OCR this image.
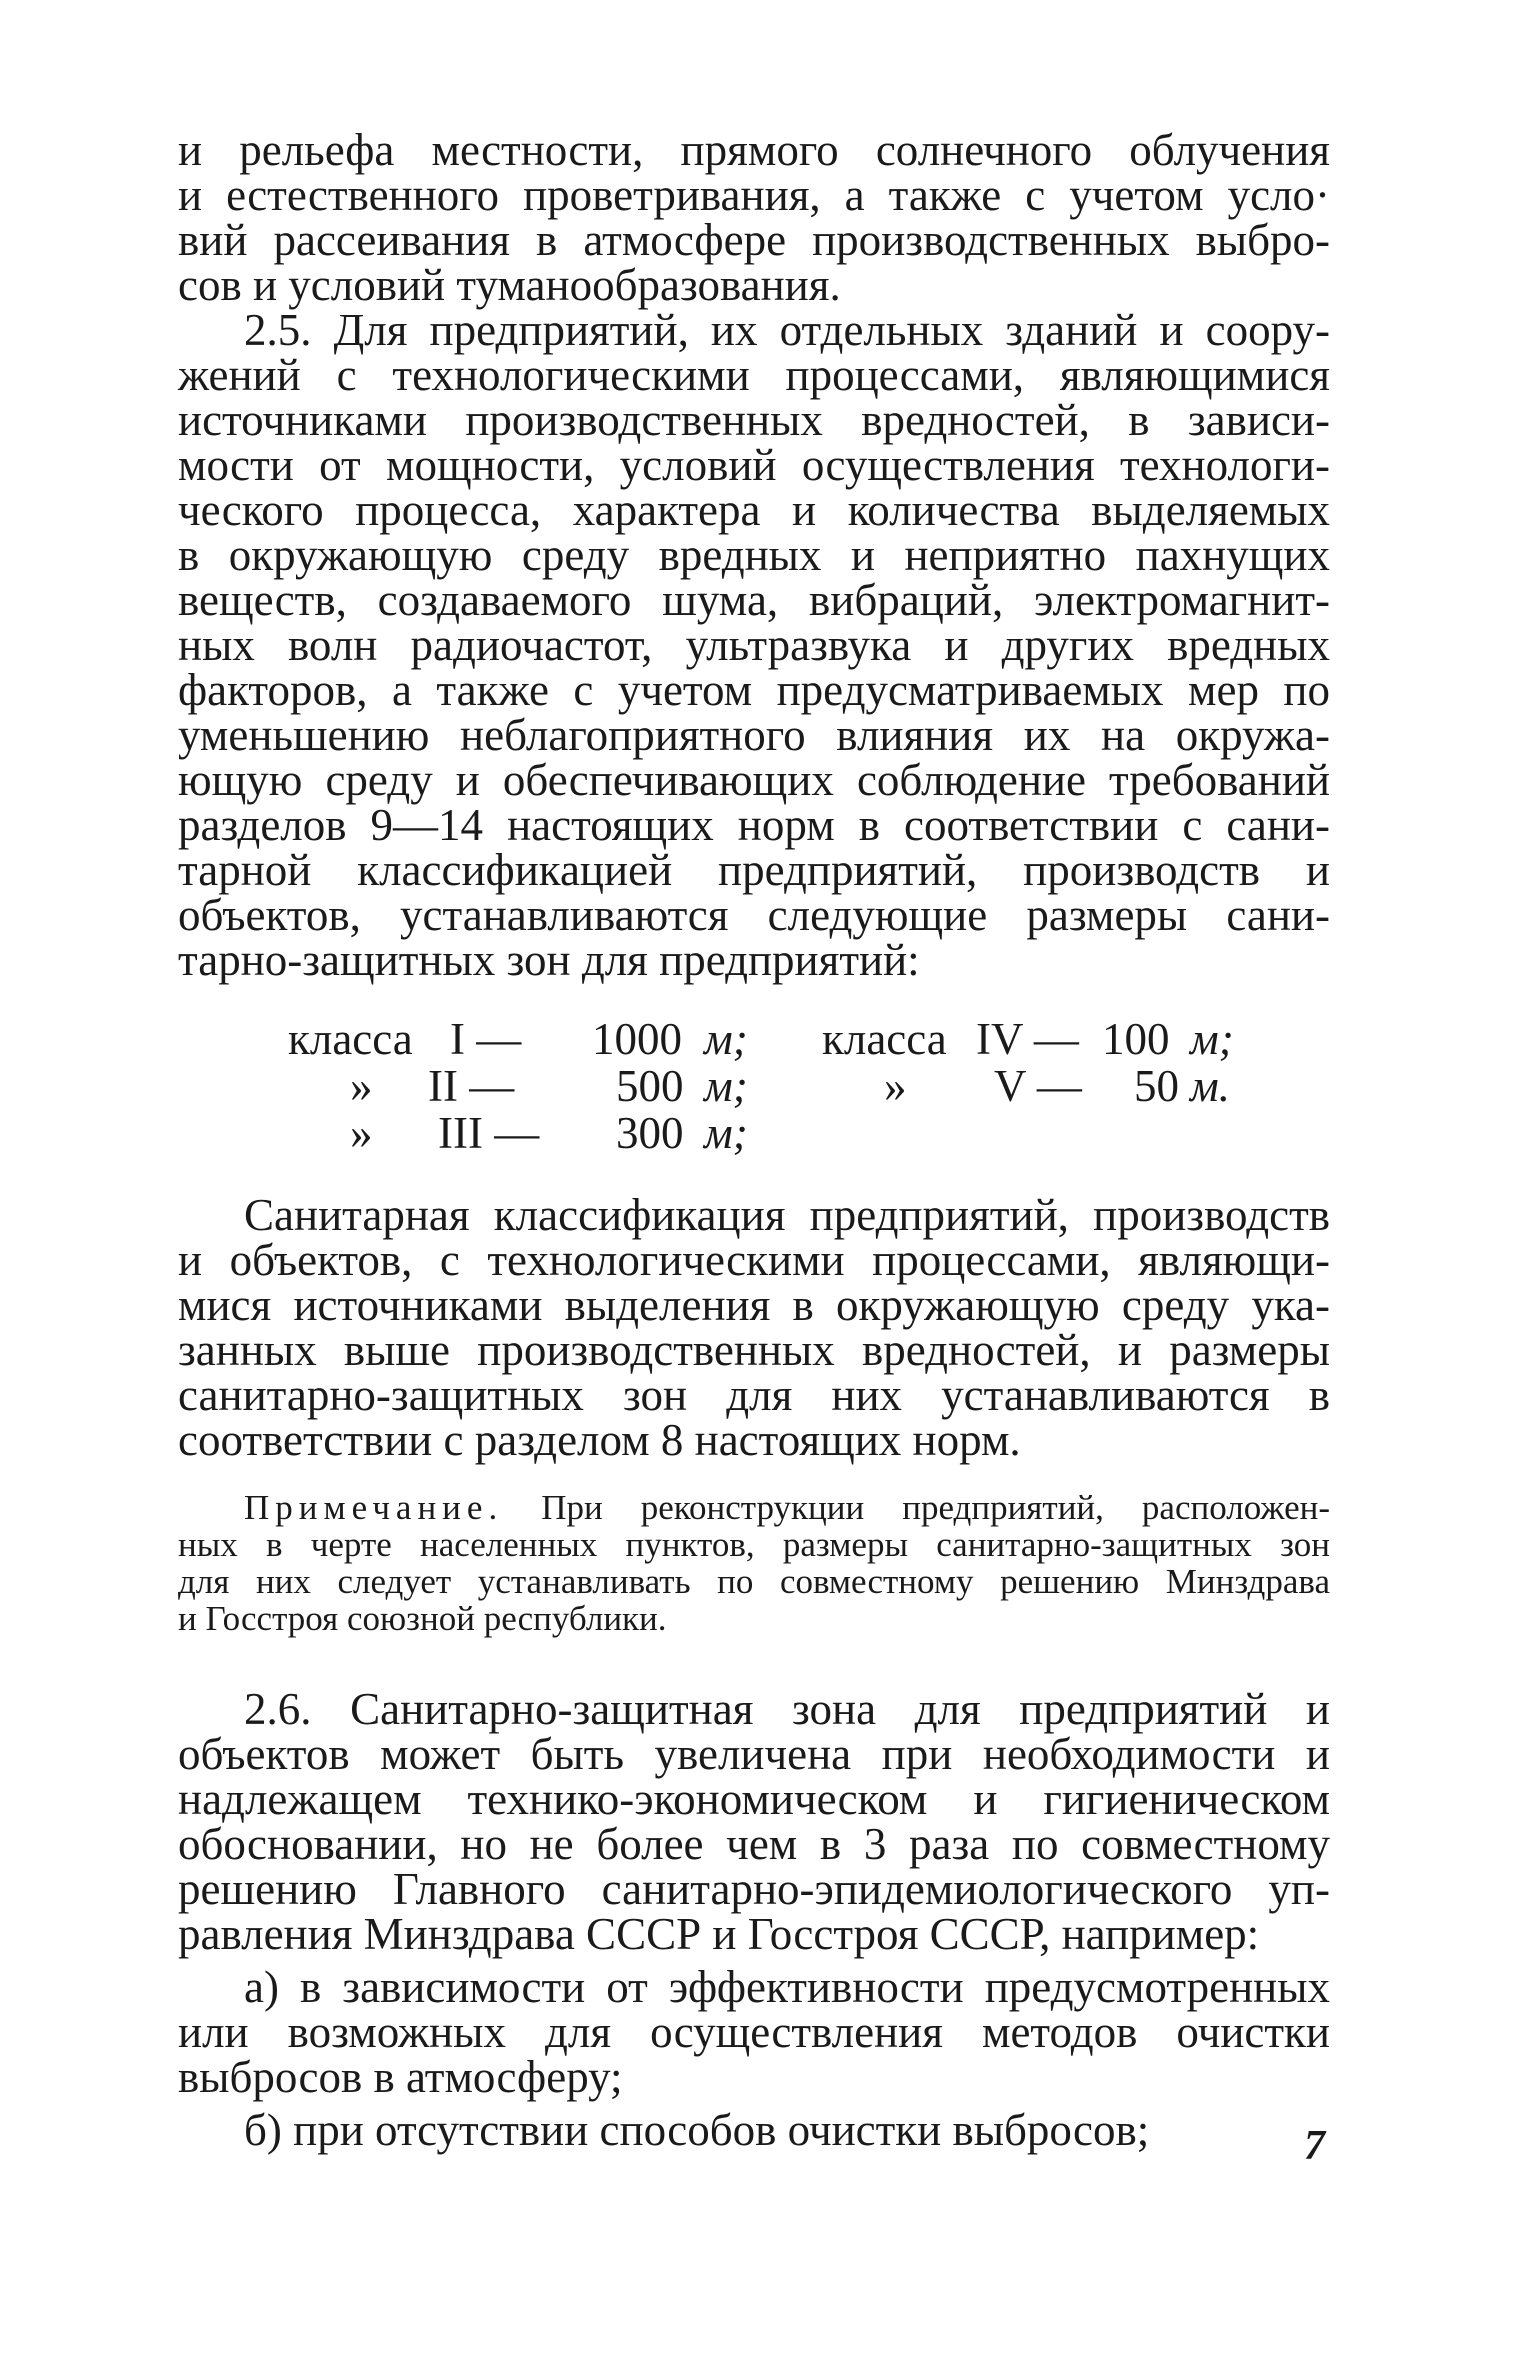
и рельефа местности, прямого солнечного облучения
и естественного проветривания, а также с учетом усло·
вий рассеивания в атмосфере производственных выбро-
сов и условий туманообразования.
2.5. Для предприятий, их отдельных зданий и соору-
жений с технологическими процессами, являющимися
источниками производственных вредностей, в зависи-
мости от мощности, условий осуществления технологи-
ческого процесса, характера и количества выделяемых
в окружающую среду вредных и неприятно пахнущих
веществ, создаваемого шума, вибраций, электромагнит-
ных волн радиочастот, ультразвука и других вредных
факторов, а также с учетом предусматриваемых мер по
уменьшению неблагоприятного влияния их на окружа-
ющую среду и обеспечивающих соблюдение требований
разделов 9—14 настоящих норм в соответствии с сани-
тарной классификацией предприятий, производств и
объектов, устанавливаются следующие размеры сани-
тарно-защитных зон для предприятий:
класса I — 1000 м;
» II — 500 м;
» III — 300 м;
класса IV — 100 м;
» V — 50 м.
Санитарная классификация предприятий, производств
и объектов, с технологическими процессами, являющи-
мися источниками выделения в окружающую среду ука-
занных выше производственных вредностей, и размеры
санитарно-защитных зон для них устанавливаются в
соответствии с разделом 8 настоящих норм.
Примечание. При реконструкции предприятий, расположен-
ных в черте населенных пунктов, размеры санитарно-защитных зон
для них следует устанавливать по совместному решению Минздрава
и Госстроя союзной республики.
2.6. Санитарно-защитная зона для предприятий и
объектов может быть увеличена при необходимости и
надлежащем технико-экономическом и гигиеническом
обосновании, но не более чем в 3 раза по совместному
решению Главного санитарно-эпидемиологического уп-
равления Минздрава СССР и Госстроя СССР, например:
а) в зависимости от эффективности предусмотренных
или возможных для осуществления методов очистки
выбросов в атмосферу;
б) при отсутствии способов очистки выбросов;	7
